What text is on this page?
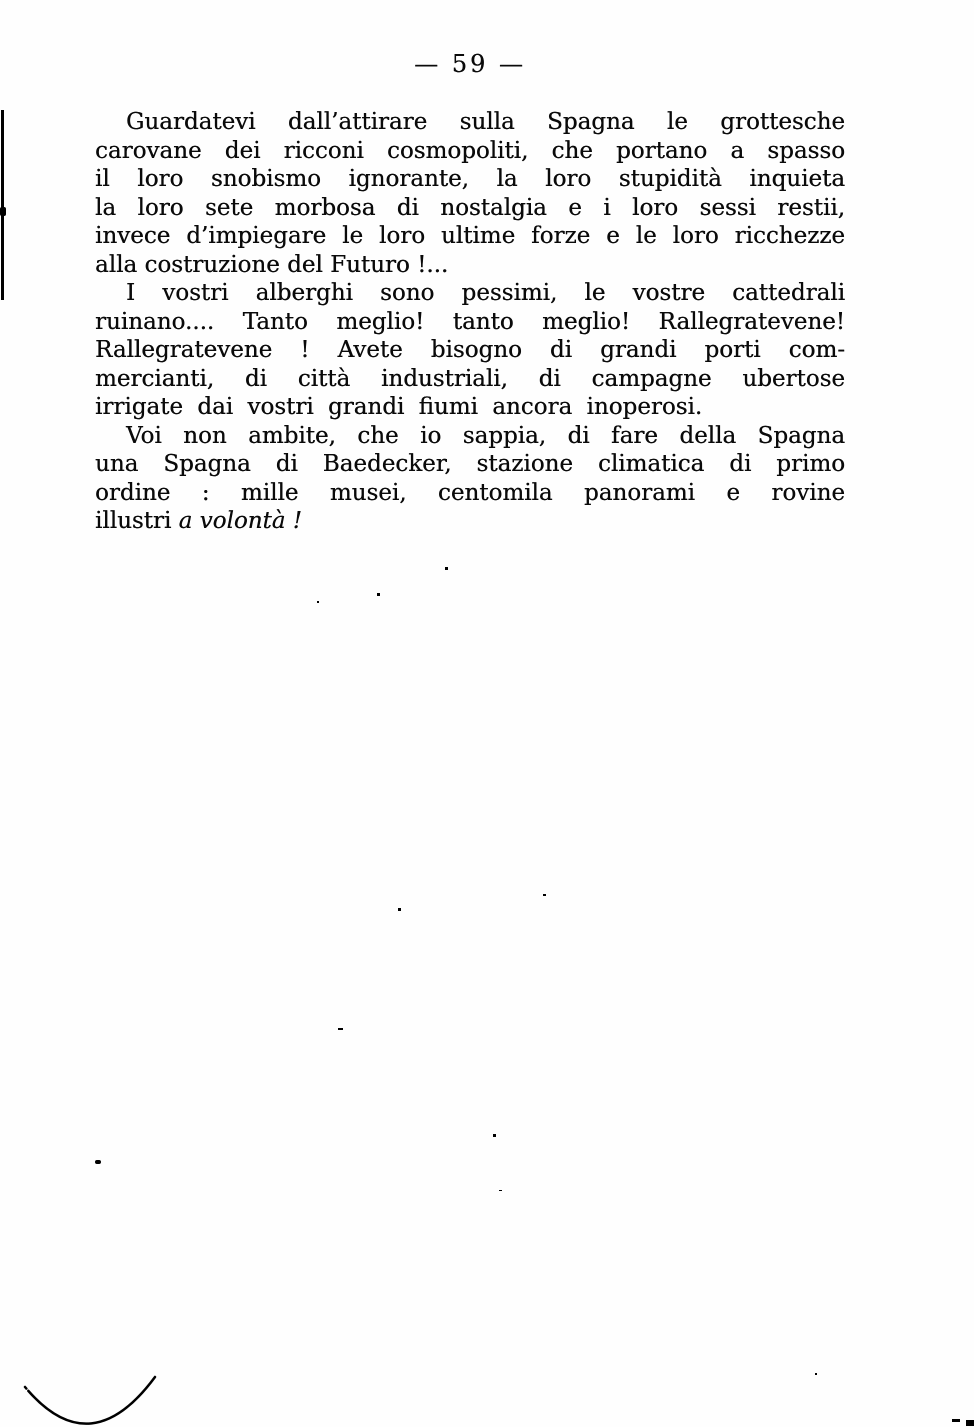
— 59 —

Guardatevi dall’attirare sulla Spagna le grottesche

carovane dei ricconi cosmopoliti, che portano a spasso

il loro snobismo ignorante, la loro stupidità inquieta

la loro sete morbosa di nostalgia e i loro sessi restii,

invece d’impiegare le loro ultime forze e le loro ricchezze

alla costruzione del Futuro !...

I vostri alberghi sono pessimi, le vostre cattedrali

ruinano.... Tanto meglio! tanto meglio! Rallegratevene!

Rallegratevene ! Avete bisogno di grandi porti com-

mercianti, di città industriali, di campagne ubertose

irrigate dai vostri grandi fiumi ancora inoperosi.

Voi non ambite, che io sappia, di fare della Spagna

una Spagna di Baedecker, stazione climatica di primo

ordine : mille musei, centomila panorami e rovine

illustri a volontà !
